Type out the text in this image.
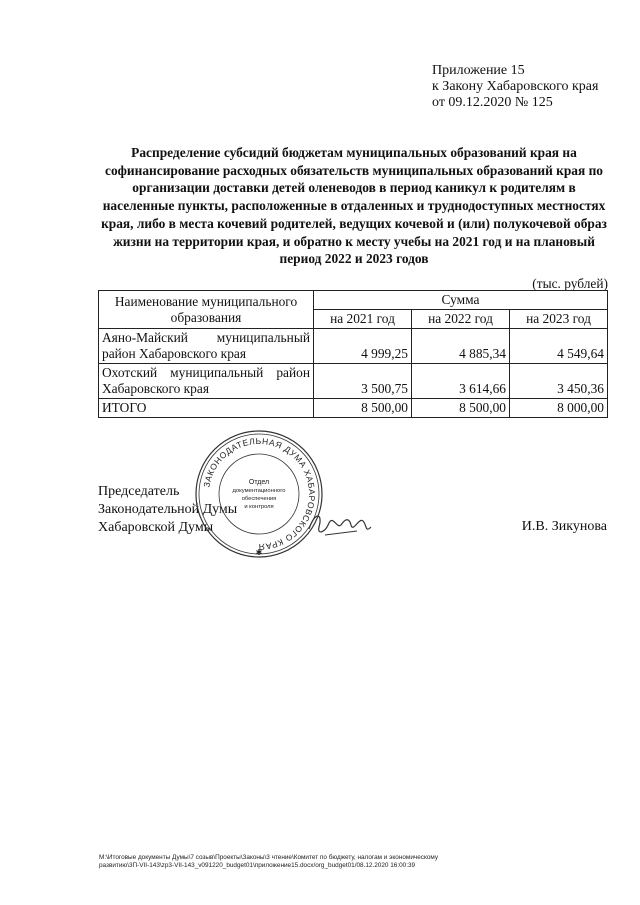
Приложение 15
к Закону Хабаровского края
от 09.12.2020 № 125
Распределение субсидий бюджетам муниципальных образований края на софинансирование расходных обязательств муниципальных образований края по организации доставки детей оленеводов в период каникул к родителям в населенные пункты, расположенные в отдаленных и труднодоступных местностях края, либо в места кочевий родителей, ведущих кочевой и (или) полукочевой образ жизни на территории края, и обратно к месту учебы на 2021 год и на плановый период 2022 и 2023 годов
(тыс. рублей)
Наименование муниципального образования	Сумма		
	на 2021 год	на 2022 год	на 2023 год
Аяно-Майский муниципальный район Хабаровского края	4 999,25	4 885,34	4 549,64
Охотский муниципальный район Хабаровского края	3 500,75	3 614,66	3 450,36
ИТОГО	8 500,00	8 500,00	8 000,00
Председатель
Законодательной Думы
Хабаровской Думы	И.В. Зикунова
ЗАКОНОДАТЕЛЬНАЯ ДУМА ХАБАРОВСКОГО КРАЯ
Отдел
документационного
обеспечения
и контроля
✱
M:\Итоговые документы Думы\7 созыв\Проекты\Законы\3 чтение\Комитет по бюджету, налогам и экономическому
развитию\3П-VII-143\zp3-VII-143_v091220_budget01\приложение15.docx/org_budget01/08.12.2020 16:00:39
